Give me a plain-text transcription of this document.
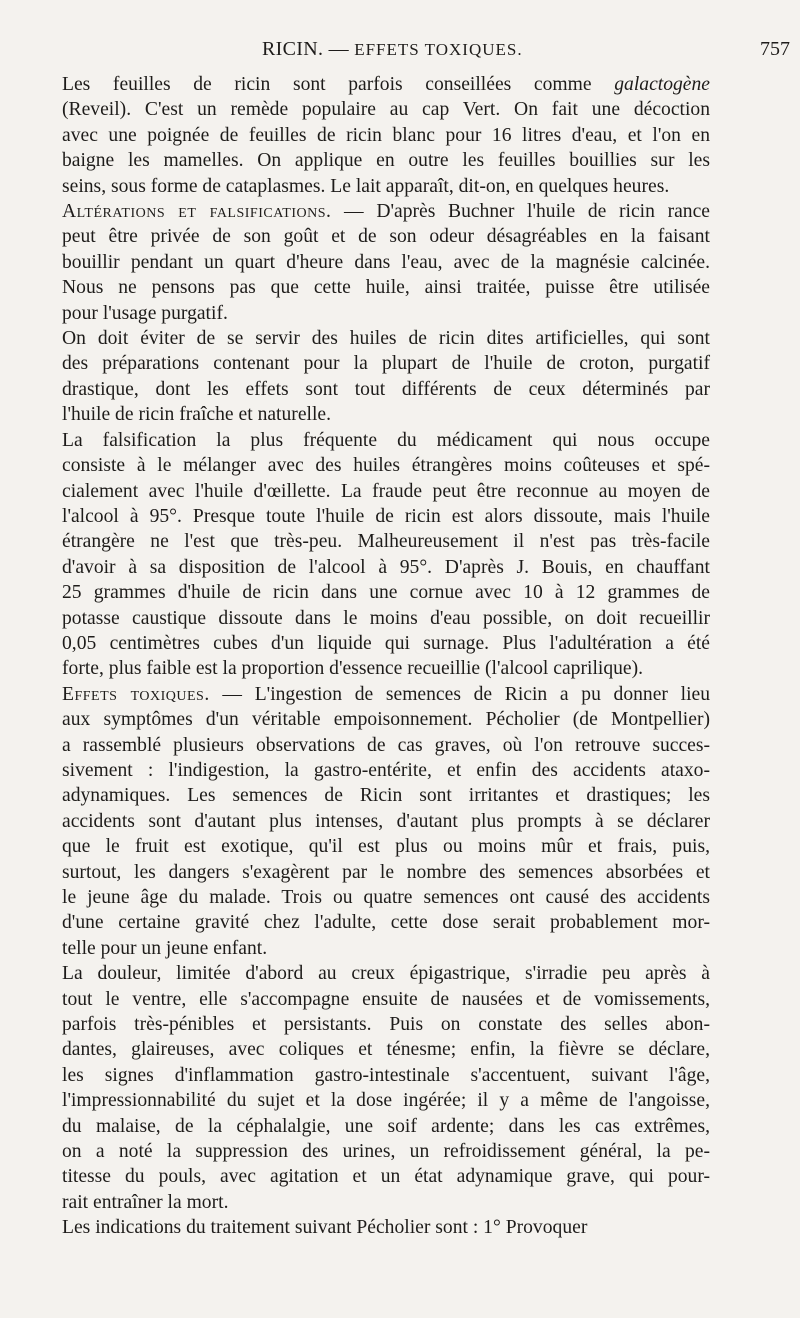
RICIN. — EFFETS TOXIQUES.	757

Les feuilles de ricin sont parfois conseillées comme galactogène
(Reveil). C'est un remède populaire au cap Vert. On fait une décoction
avec une poignée de feuilles de ricin blanc pour 16 litres d'eau, et l'on en
baigne les mamelles. On applique en outre les feuilles bouillies sur les
seins, sous forme de cataplasmes. Le lait apparaît, dit-on, en quelques heures.

Altérations et falsifications. — D'après Buchner l'huile de ricin rance
peut être privée de son goût et de son odeur désagréables en la faisant
bouillir pendant un quart d'heure dans l'eau, avec de la magnésie calcinée.
Nous ne pensons pas que cette huile, ainsi traitée, puisse être utilisée
pour l'usage purgatif.

On doit éviter de se servir des huiles de ricin dites artificielles, qui sont
des préparations contenant pour la plupart de l'huile de croton, purgatif
drastique, dont les effets sont tout différents de ceux déterminés par
l'huile de ricin fraîche et naturelle.

La falsification la plus fréquente du médicament qui nous occupe
consiste à le mélanger avec des huiles étrangères moins coûteuses et spé-
cialement avec l'huile d'œillette. La fraude peut être reconnue au moyen de
l'alcool à 95°. Presque toute l'huile de ricin est alors dissoute, mais l'huile
étrangère ne l'est que très-peu. Malheureusement il n'est pas très-facile
d'avoir à sa disposition de l'alcool à 95°. D'après J. Bouis, en chauffant
25 grammes d'huile de ricin dans une cornue avec 10 à 12 grammes de
potasse caustique dissoute dans le moins d'eau possible, on doit recueillir
0,05 centimètres cubes d'un liquide qui surnage. Plus l'adultération a été
forte, plus faible est la proportion d'essence recueillie (l'alcool caprilique).

Effets toxiques. — L'ingestion de semences de Ricin a pu donner lieu
aux symptômes d'un véritable empoisonnement. Pécholier (de Montpellier)
a rassemblé plusieurs observations de cas graves, où l'on retrouve succes-
sivement : l'indigestion, la gastro-entérite, et enfin des accidents ataxo-
adynamiques. Les semences de Ricin sont irritantes et drastiques; les
accidents sont d'autant plus intenses, d'autant plus prompts à se déclarer
que le fruit est exotique, qu'il est plus ou moins mûr et frais, puis,
surtout, les dangers s'exagèrent par le nombre des semences absorbées et
le jeune âge du malade. Trois ou quatre semences ont causé des accidents
d'une certaine gravité chez l'adulte, cette dose serait probablement mor-
telle pour un jeune enfant.

La douleur, limitée d'abord au creux épigastrique, s'irradie peu après à
tout le ventre, elle s'accompagne ensuite de nausées et de vomissements,
parfois très-pénibles et persistants. Puis on constate des selles abon-
dantes, glaireuses, avec coliques et ténesme; enfin, la fièvre se déclare,
les signes d'inflammation gastro-intestinale s'accentuent, suivant l'âge,
l'impressionnabilité du sujet et la dose ingérée; il y a même de l'angoisse,
du malaise, de la céphalalgie, une soif ardente; dans les cas extrêmes,
on a noté la suppression des urines, un refroidissement général, la pe-
titesse du pouls, avec agitation et un état adynamique grave, qui pour-
rait entraîner la mort.

Les indications du traitement suivant Pécholier sont : 1° Provoquer
